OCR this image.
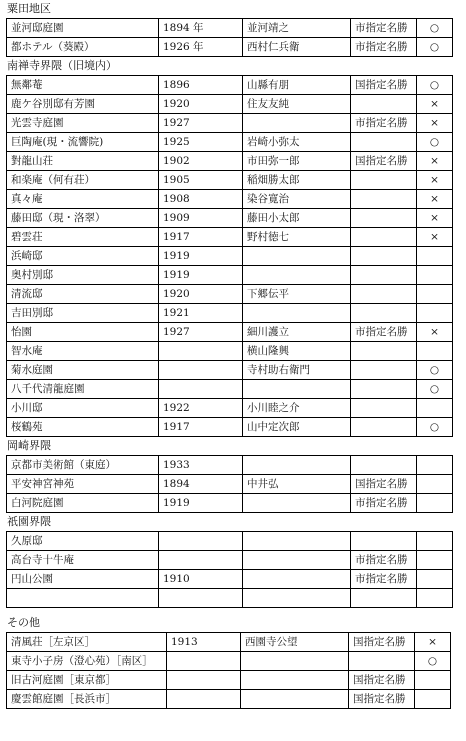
粟田地区
並河邸庭園	1894 年	並河靖之	市指定名勝	○
都ホテル（葵殿）	1926 年	西村仁兵衛	市指定名勝	○
南禅寺界隈（旧境内）
無鄰菴	1896	山縣有朋	国指定名勝	○
鹿ケ谷別邸有芳園	1920	住友友純		×
光雲寺庭園	1927		市指定名勝	×
巨陶庵(現・流響院)	1925	岩崎小弥太		○
對龍山荘	1902	市田弥一郎	国指定名勝	×
和楽庵（何有荘）	1905	稲畑勝太郎		×
真々庵	1908	染谷寛治		×
藤田邸（現・洛翠）	1909	藤田小太郎		×
碧雲荘	1917	野村徳七		×
浜崎邸	1919			
奥村別邸	1919			
清流邸	1920	下郷伝平		
吉田別邸	1921			
怡園	1927	細川護立	市指定名勝	×
智水庵		横山隆興		
菊水庭園		寺村助右衛門		○
八千代清龍庭園				○
小川邸	1922	小川睦之介		
桜鶴苑	1917	山中定次郎		○
岡崎界隈
京都市美術館（東庭）	1933			
平安神宮神苑	1894	中井弘	国指定名勝	
白河院庭園	1919		市指定名勝	
祇園界隈
久原邸				
高台寺十牛庵			市指定名勝	
円山公園	1910		市指定名勝	

その他
清風荘［左京区］	1913	西園寺公望	国指定名勝	×
東寺小子房（澄心苑）［南区］				○
旧古河庭園［東京都］			国指定名勝	
慶雲館庭園［長浜市］			国指定名勝	
